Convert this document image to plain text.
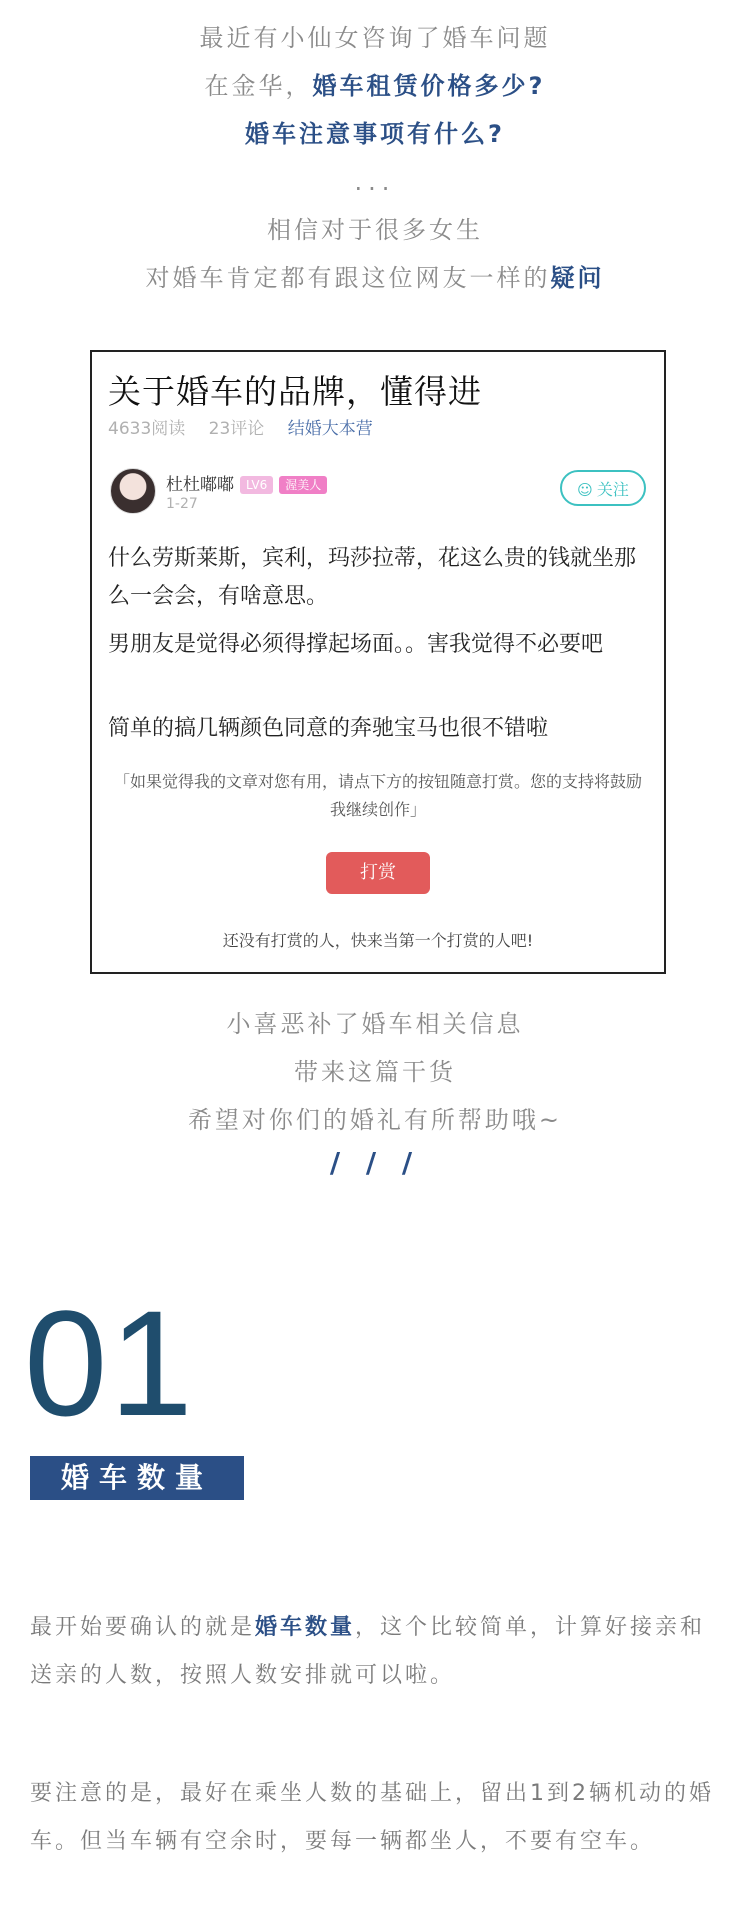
最近有小仙女咨询了婚车问题
在金华，婚车租赁价格多少?
婚车注意事项有什么?
...
相信对于很多女生
对婚车肯定都有跟这位网友一样的疑问
关于婚车的品牌，懂得进
4633阅读 23评论 结婚大本营
杜杜嘟嘟 LV6 渥美人
1-27
☺ 关注
什么劳斯莱斯，宾利，玛莎拉蒂，花这么贵的钱就坐那么一会会，有啥意思。
男朋友是觉得必须得撑起场面。。害我觉得不必要吧
简单的搞几辆颜色同意的奔驰宝马也很不错啦
「如果觉得我的文章对您有用，请点下方的按钮随意打赏。您的支持将鼓励我继续创作」
打赏
还没有打赏的人，快来当第一个打赏的人吧!
小喜恶补了婚车相关信息
带来这篇干货
希望对你们的婚礼有所帮助哦~
/ / /
01
婚车数量
最开始要确认的就是婚车数量，这个比较简单，计算好接亲和送亲的人数，按照人数安排就可以啦。
要注意的是，最好在乘坐人数的基础上，留出1到2辆机动的婚车。但当车辆有空余时，要每一辆都坐人，不要有空车。
